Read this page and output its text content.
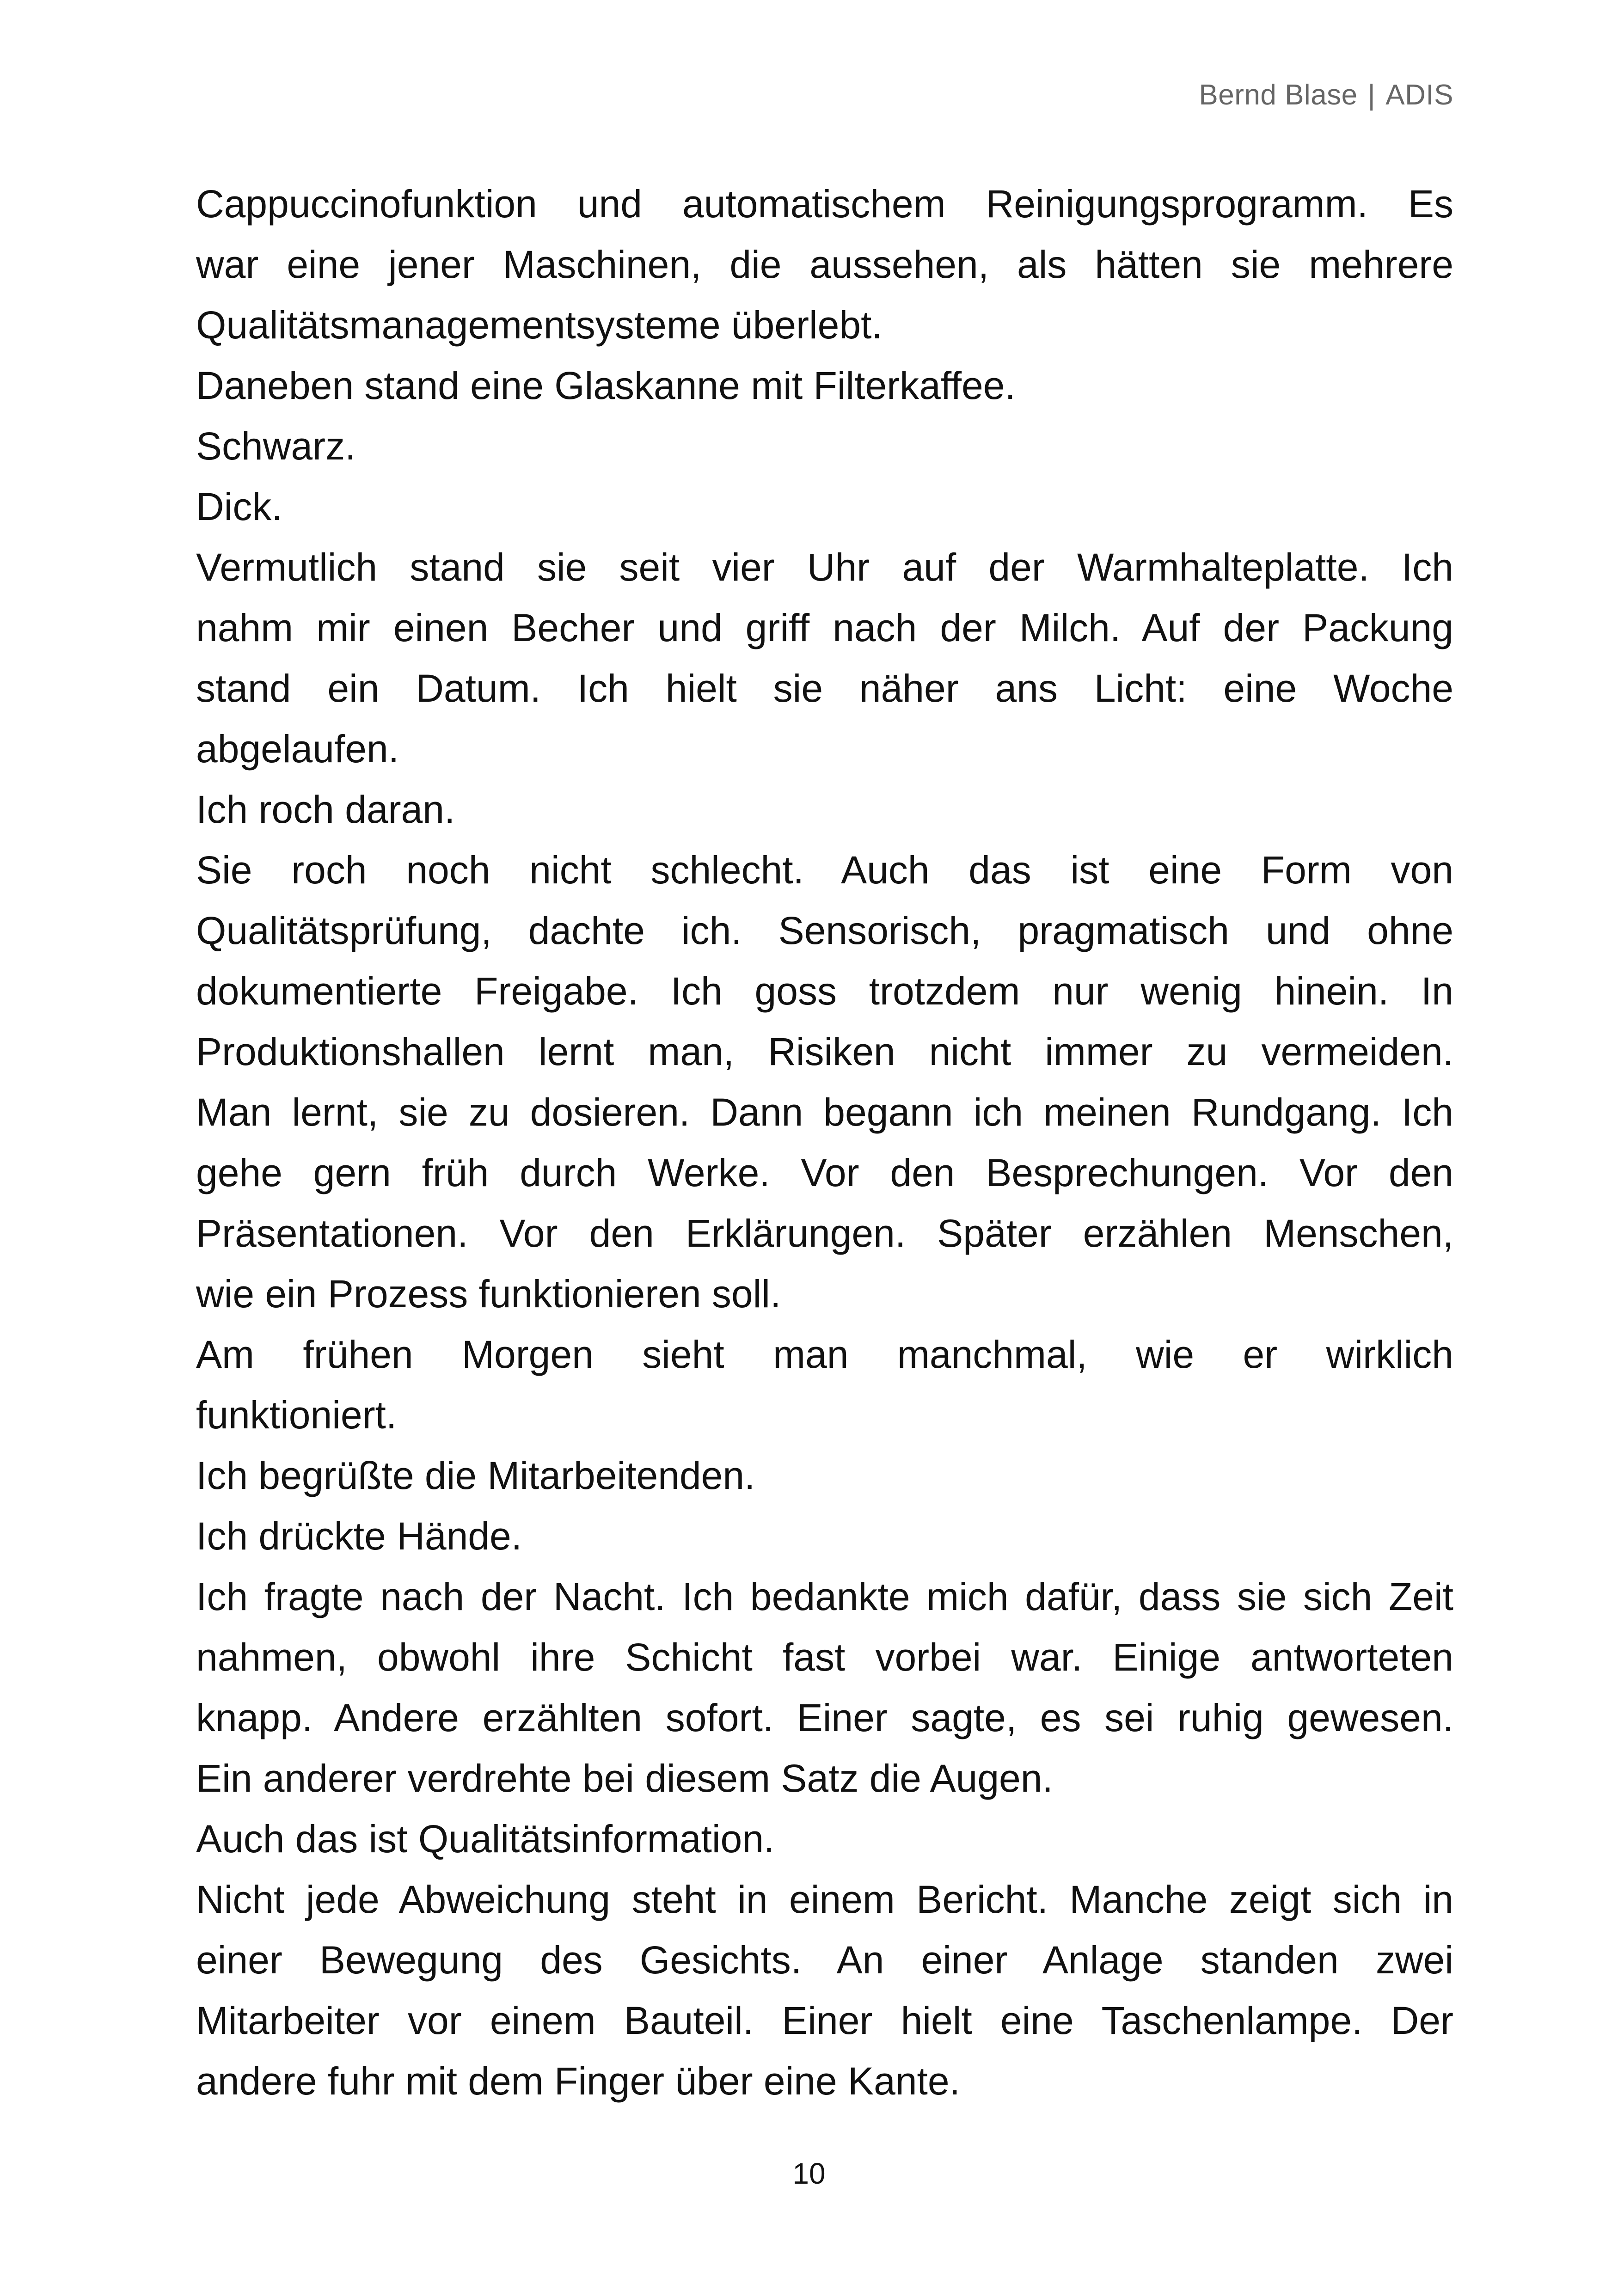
Bernd Blase | ADIS
Cappuccinofunktion und automatischem Reinigungsprogramm. Es
war eine jener Maschinen, die aussehen, als hätten sie mehrere
Qualitätsmanagementsysteme überlebt.
Daneben stand eine Glaskanne mit Filterkaffee.
Schwarz.
Dick.
Vermutlich stand sie seit vier Uhr auf der Warmhalteplatte. Ich
nahm mir einen Becher und griff nach der Milch. Auf der Packung
stand ein Datum. Ich hielt sie näher ans Licht: eine Woche
abgelaufen.
Ich roch daran.
Sie roch noch nicht schlecht. Auch das ist eine Form von
Qualitätsprüfung, dachte ich. Sensorisch, pragmatisch und ohne
dokumentierte Freigabe. Ich goss trotzdem nur wenig hinein. In
Produktionshallen lernt man, Risiken nicht immer zu vermeiden.
Man lernt, sie zu dosieren. Dann begann ich meinen Rundgang. Ich
gehe gern früh durch Werke. Vor den Besprechungen. Vor den
Präsentationen. Vor den Erklärungen. Später erzählen Menschen,
wie ein Prozess funktionieren soll.
Am frühen Morgen sieht man manchmal, wie er wirklich
funktioniert.
Ich begrüßte die Mitarbeitenden.
Ich drückte Hände.
Ich fragte nach der Nacht. Ich bedankte mich dafür, dass sie sich Zeit
nahmen, obwohl ihre Schicht fast vorbei war. Einige antworteten
knapp. Andere erzählten sofort. Einer sagte, es sei ruhig gewesen.
Ein anderer verdrehte bei diesem Satz die Augen.
Auch das ist Qualitätsinformation.
Nicht jede Abweichung steht in einem Bericht. Manche zeigt sich in
einer Bewegung des Gesichts. An einer Anlage standen zwei
Mitarbeiter vor einem Bauteil. Einer hielt eine Taschenlampe. Der
andere fuhr mit dem Finger über eine Kante.
10
